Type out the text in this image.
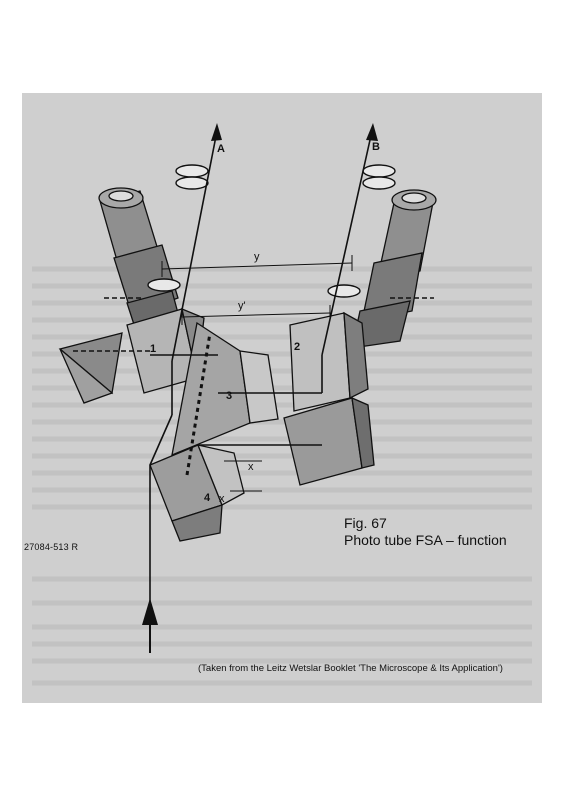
A	B
y
y'
1	2
3
4
x
x
Fig. 67
Photo tube FSA – function
27084-513 R
(Taken from the Leitz Wetslar Booklet 'The Microscope & Its Application')
